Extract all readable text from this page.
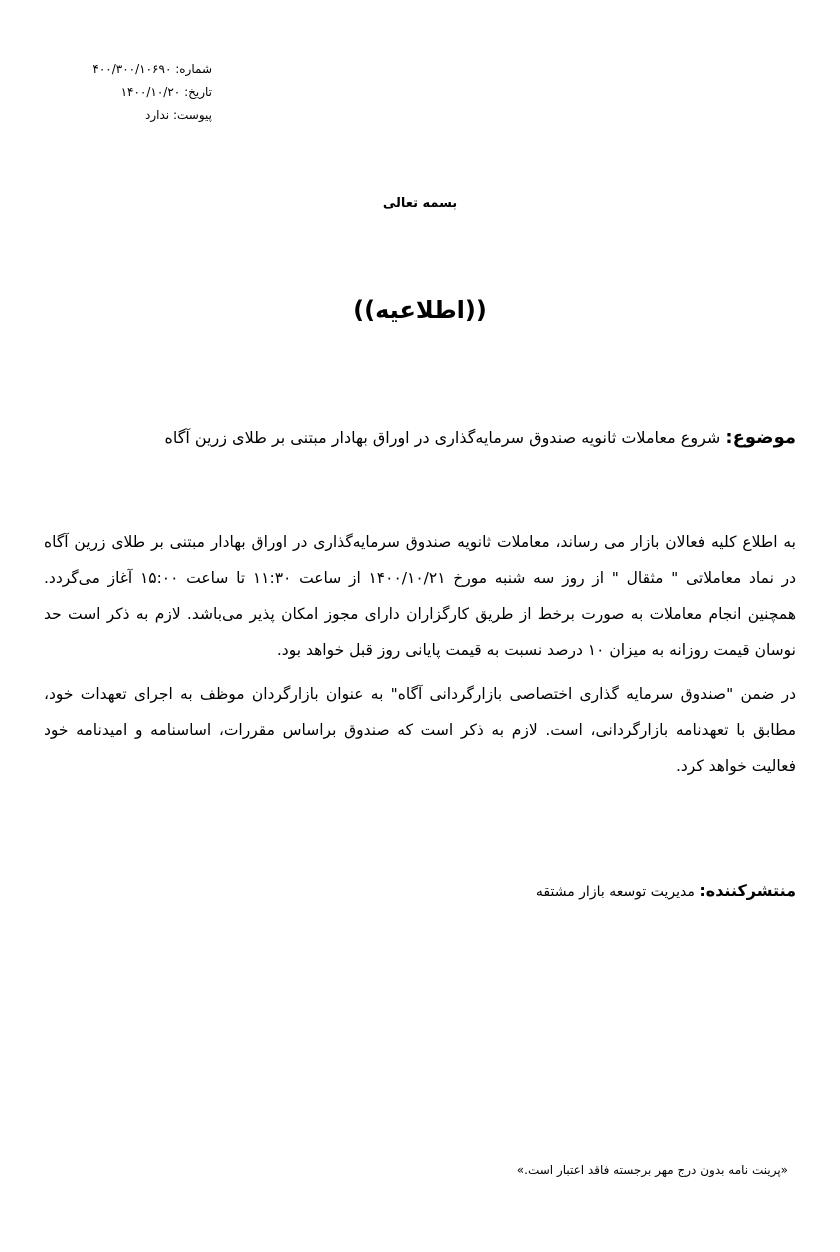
شماره: ۴۰۰/۳۰۰/۱۰۶۹۰
تاریخ: ۱۴۰۰/۱۰/۲۰
پیوست: ندارد
بسمه تعالی
((اطلاعیه))
موضوع: شروع معاملات ثانویه صندوق سرمایه‌گذاری در اوراق بهادار مبتنی بر طلای زرین آگاه

به اطلاع کلیه فعالان بازار می رساند، معاملات ثانویه صندوق سرمایه‌گذاری در اوراق بهادار مبتنی بر طلای زرین آگاه در نماد معاملاتی " مثقال " از روز سه شنبه مورخ ۱۴۰۰/۱۰/۲۱ از ساعت ۱۱:۳۰ تا ساعت ۱۵:۰۰ آغاز می‌گردد. همچنین انجام معاملات به صورت برخط از طریق کارگزاران دارای مجوز امکان پذیر می‌باشد. لازم به ذکر است حد نوسان قیمت روزانه به میزان ۱۰ درصد نسبت به قیمت پایانی روز قبل خواهد بود.

در ضمن "صندوق سرمایه گذاری اختصاصی بازارگردانی آگاه" به عنوان بازارگردان موظف به اجرای تعهدات خود، مطابق با تعهدنامه بازارگردانی، است. لازم به ذکر است که صندوق براساس مقررات، اساسنامه و امیدنامه خود فعالیت خواهد کرد.

منتشرکننده: مدیریت توسعه بازار مشتقه
«پرینت نامه بدون درج مهر برجسته فاقد اعتبار است.»
